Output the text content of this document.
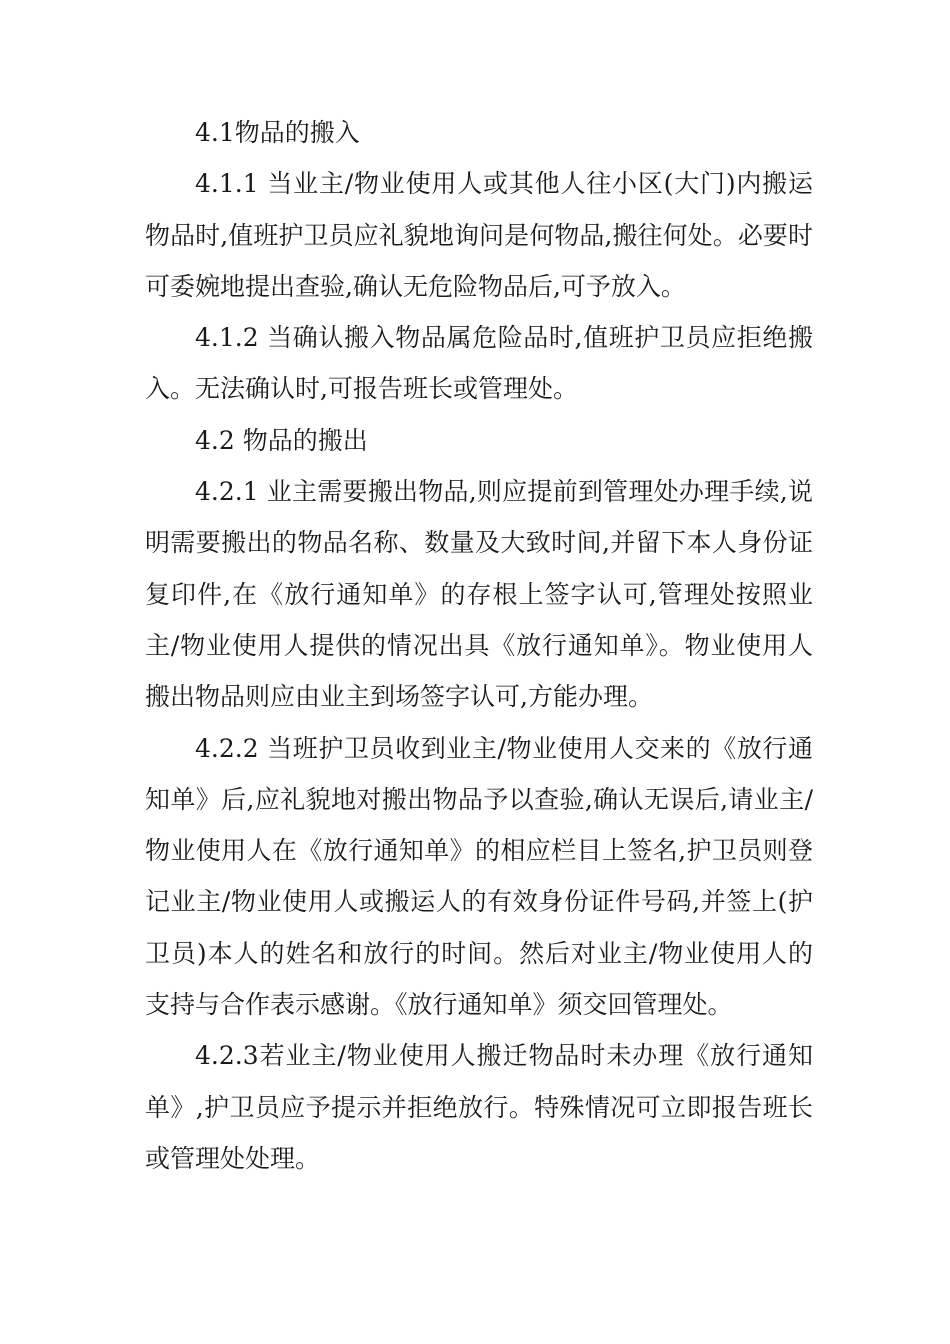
4.1物品的搬入

4.1.1 当业主/物业使用人或其他人往小区(大门)内搬运物品时,值班护卫员应礼貌地询问是何物品,搬往何处。必要时可委婉地提出查验,确认无危险物品后,可予放入。

4.1.2 当确认搬入物品属危险品时,值班护卫员应拒绝搬入。无法确认时,可报告班长或管理处。

4.2 物品的搬出

4.2.1 业主需要搬出物品,则应提前到管理处办理手续,说明需要搬出的物品名称、数量及大致时间,并留下本人身份证复印件,在《放行通知单》的存根上签字认可,管理处按照业主/物业使用人提供的情况出具《放行通知单》。物业使用人搬出物品则应由业主到场签字认可,方能办理。

4.2.2 当班护卫员收到业主/物业使用人交来的《放行通知单》后,应礼貌地对搬出物品予以查验,确认无误后,请业主/物业使用人在《放行通知单》的相应栏目上签名,护卫员则登记业主/物业使用人或搬运人的有效身份证件号码,并签上(护卫员)本人的姓名和放行的时间。然后对业主/物业使用人的支持与合作表示感谢。《放行通知单》须交回管理处。

4.2.3若业主/物业使用人搬迁物品时未办理《放行通知单》,护卫员应予提示并拒绝放行。特殊情况可立即报告班长或管理处处理。
